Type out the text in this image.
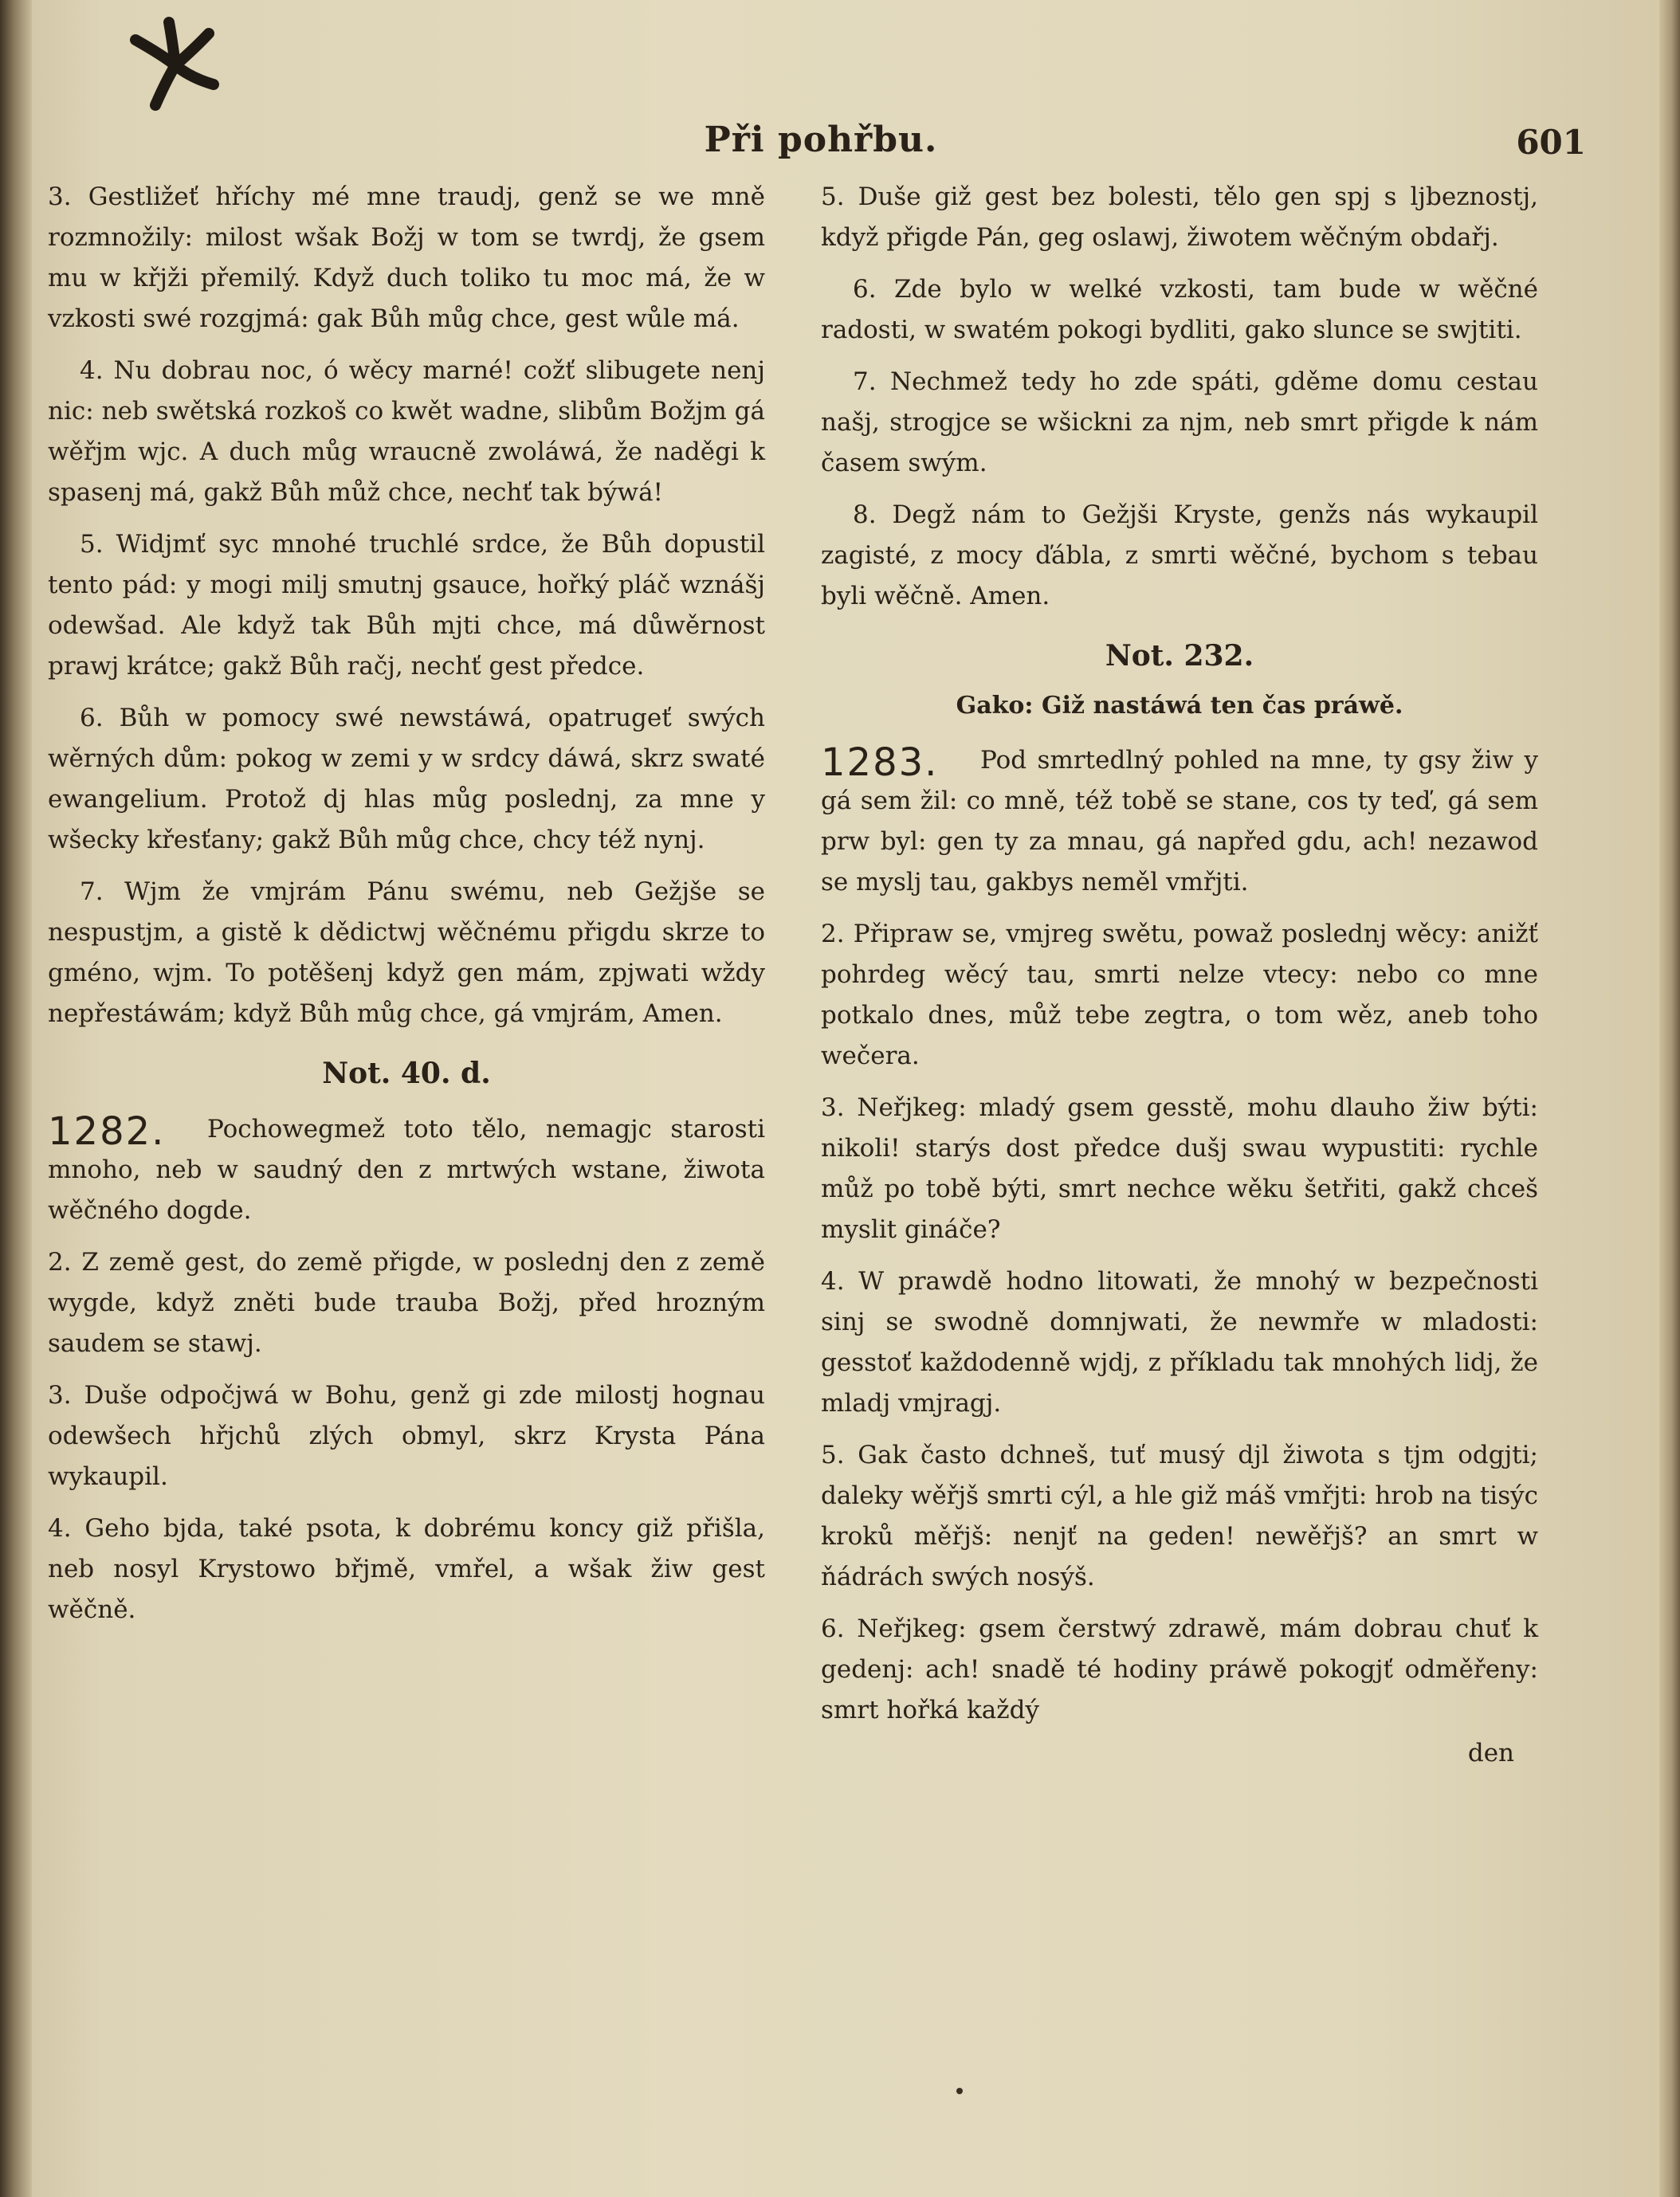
Při pohřbu.	601

3. Gestližeť hříchy mé mne traudj, genž se we mně rozmnožily: milost wšak Božj w tom se twrdj, že gsem mu w křjži přemilý. Když duch toliko tu moc má, že w vzkosti swé rozgjmá: gak Bůh můg chce, gest wůle má.

4. Nu dobrau noc, ó wěcy marné! cožť slibugete nenj nic: neb swětská rozkoš co kwět wadne, slibům Božjm gá wěřjm wjc. A duch můg wraucně zwoláwá, že naděgi k spasenj má, gakž Bůh můž chce, nechť tak býwá!

5. Widjmť syc mnohé truchlé srdce, že Bůh dopustil tento pád: y mogi milj smutnj gsauce, hořký pláč wznášj odewšad. Ale když tak Bůh mjti chce, má důwěrnost prawj krátce; gakž Bůh račj, nechť gest předce.

6. Bůh w pomocy swé newstáwá, opatrugeť swých wěrných dům: pokog w zemi y w srdcy dáwá, skrz swaté ewangelium. Protož dj hlas můg poslednj, za mne y wšecky křesťany; gakž Bůh můg chce, chcy též nynj.

7. Wjm že vmjrám Pánu swému, neb Gežjše se nespustjm, a gistě k dědictwj wěčnému přigdu skrze to gméno, wjm. To potěšenj když gen mám, zpjwati wždy nepřestáwám; když Bůh můg chce, gá vmjrám, Amen.

Not. 40. d.
1282.	Pochowegmež toto tělo, nemagjc starosti mnoho, neb w saudný den z mrtwých wstane, žiwota wěčného dogde.

2. Z země gest, do země přigde, w poslednj den z země wygde, když zněti bude trauba Božj, před hrozným saudem se stawj.

3. Duše odpočjwá w Bohu, genž gi zde milostj hognau odewšech hřjchů zlých obmyl, skrz Krysta Pána wykaupil.

4. Geho bjda, také psota, k dobrému koncy giž přišla, neb nosyl Krystowo břjmě, vmřel, a wšak žiw gest wěčně.

5. Duše giž gest bez bolesti, tělo gen spj s ljbeznostj, když přigde Pán, geg oslawj, žiwotem wěčným obdařj.

6. Zde bylo w welké vzkosti, tam bude w wěčné radosti, w swatém pokogi bydliti, gako slunce se swjtiti.

7. Nechmež tedy ho zde spáti, gděme domu cestau našj, strogjce se wšickni za njm, neb smrt přigde k nám časem swým.

8. Degž nám to Gežjši Kryste, genžs nás wykaupil zagisté, z mocy ďábla, z smrti wěčné, bychom s tebau byli wěčně. Amen.

Not. 232.
Gako: Giž nastáwá ten čas práwě.
1283.	Pod smrtedlný pohled na mne, ty gsy žiw y gá sem žil: co mně, též tobě se stane, cos ty teď, gá sem prw byl: gen ty za mnau, gá napřed gdu, ach! nezawod se myslj tau, gakbys neměl vmřjti.

2. Připraw se, vmjreg swětu, powaž poslednj wěcy: anižť pohrdeg wěcý tau, smrti nelze vtecy: nebo co mne potkalo dnes, můž tebe zegtra, o tom wěz, aneb toho wečera.

3. Neřjkeg: mladý gsem gesstě, mohu dlauho žiw býti: nikoli! starýs dost předce dušj swau wypustiti: rychle můž po tobě býti, smrt nechce wěku šetřiti, gakž chceš myslit gináče?

4. W prawdě hodno litowati, že mnohý w bezpečnosti sinj se swodně domnjwati, že newmře w mladosti: gesstoť každodenně wjdj, z příkladu tak mnohých lidj, že mladj vmjragj.

5. Gak často dchneš, tuť musý djl žiwota s tjm odgjti; daleky wěřjš smrti cýl, a hle giž máš vmřjti: hrob na tisýc kroků měřjš: nenjť na geden! newěřjš? an smrt w ňádrách swých nosýš.

6. Neřjkeg: gsem čerstwý zdrawě, mám dobrau chuť k gedenj: ach! snadě té hodiny práwě pokogjť odměřeny: smrt hořká každý

den
